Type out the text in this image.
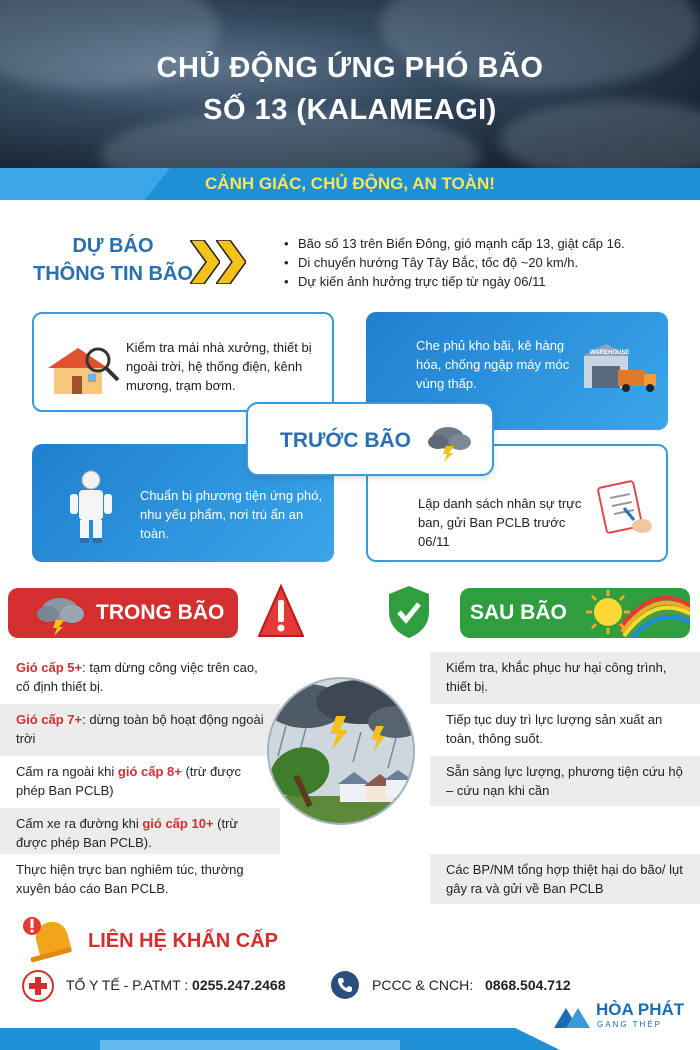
CHỦ ĐỘNG ỨNG PHÓ BÃO
SỐ 13 (KALAMEAGI)
CẢNH GIÁC, CHỦ ĐỘNG, AN TOÀN!
DỰ BÁO
THÔNG TIN BÃO
• Bão số 13 trên Biển Đông, gió mạnh cấp 13, giật cấp 16.
• Di chuyển hướng Tây Tây Bắc, tốc độ ~20 km/h.
• Dự kiến ảnh hưởng trực tiếp từ ngày 06/11
Kiểm tra mái nhà xưởng, thiết bị ngoài trời, hệ thống điện, kênh mương, trạm bơm.
Che phủ kho bãi, kê hàng hóa, chống ngập máy móc vùng thấp.
WAREHOUSE
Chuẩn bị phương tiện ứng phó, nhu yếu phẩm, nơi trú ẩn an toàn.
Lập danh sách nhân sự trực ban, gửi Ban PCLB trước 06/11
TRƯỚC BÃO
TRONG BÃO	SAU BÃO
Gió cấp 5+: tạm dừng công việc trên cao, cố định thiết bị.
Gió cấp 7+: dừng toàn bộ hoạt động ngoài trời
Cấm ra ngoài khi gió cấp 8+ (trừ được phép Ban PCLB)
Cấm xe ra đường khi gió cấp 10+ (trừ được phép Ban PCLB).
Thực hiện trực ban nghiêm túc, thường xuyên báo cáo Ban PCLB.
Kiểm tra, khắc phục hư hại công trình, thiết bị.
Tiếp tục duy trì lực lượng sản xuất an toàn, thông suốt.
Sẵn sàng lực lượng, phương tiện cứu hộ – cứu nạn khi cần
Các BP/NM tổng hợp thiệt hại do bão/ lụt gây ra và gửi về Ban PCLB
LIÊN HỆ KHẨN CẤP
TỔ Y TẾ - P.ATMT : 0255.247.2468	PCCC & CNCH: 0868.504.712
HÒA PHÁT
GANG THÉP
